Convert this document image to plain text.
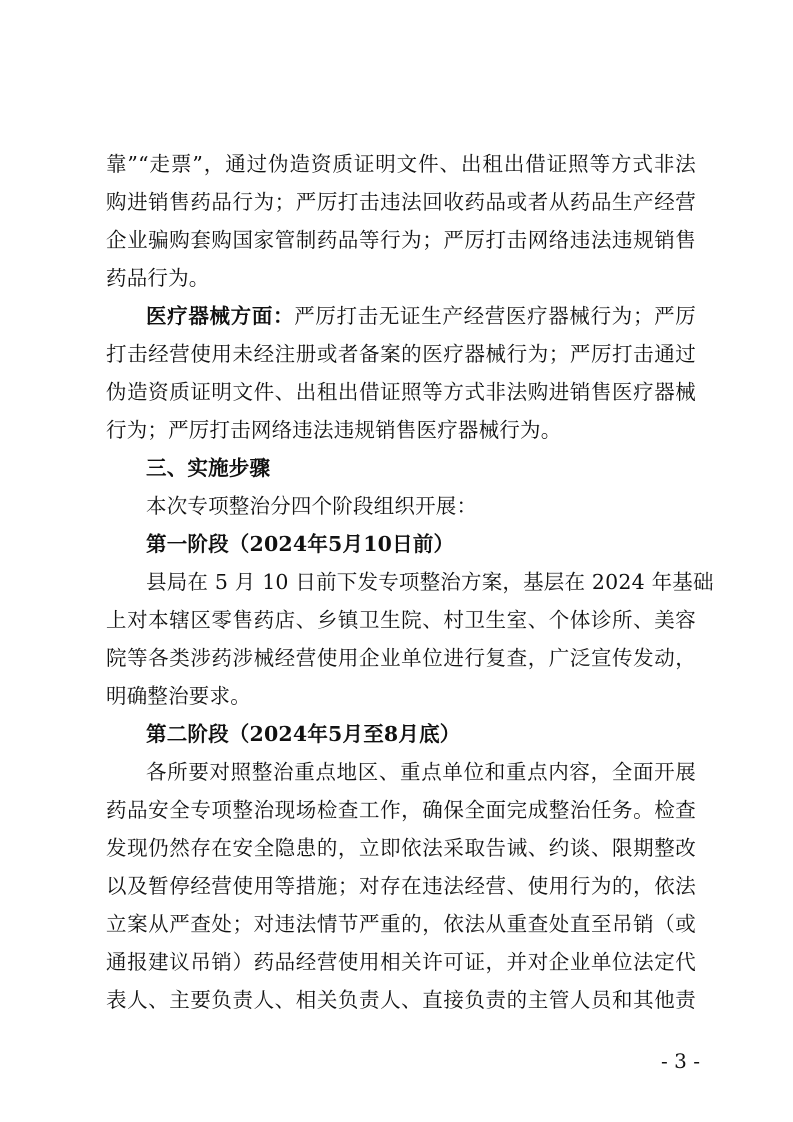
靠”“走票”，通过伪造资质证明文件、出租出借证照等方式非法
购进销售药品行为；严厉打击违法回收药品或者从药品生产经营
企业骗购套购国家管制药品等行为；严厉打击网络违法违规销售
药品行为。
医疗器械方面：严厉打击无证生产经营医疗器械行为；严厉
打击经营使用未经注册或者备案的医疗器械行为；严厉打击通过
伪造资质证明文件、出租出借证照等方式非法购进销售医疗器械
行为；严厉打击网络违法违规销售医疗器械行为。
三、实施步骤
本次专项整治分四个阶段组织开展：
第一阶段（2024年5月10日前）
县局在 5 月 10 日前下发专项整治方案，基层在 2024 年基础
上对本辖区零售药店、乡镇卫生院、村卫生室、个体诊所、美容
院等各类涉药涉械经营使用企业单位进行复查，广泛宣传发动，
明确整治要求。
第二阶段（2024年5月至8月底）
各所要对照整治重点地区、重点单位和重点内容，全面开展
药品安全专项整治现场检查工作，确保全面完成整治任务。检查
发现仍然存在安全隐患的，立即依法采取告诫、约谈、限期整改
以及暂停经营使用等措施；对存在违法经营、使用行为的，依法
立案从严查处；对违法情节严重的，依法从重查处直至吊销（或
通报建议吊销）药品经营使用相关许可证，并对企业单位法定代
表人、主要负责人、相关负责人、直接负责的主管人员和其他责
- 3 -
